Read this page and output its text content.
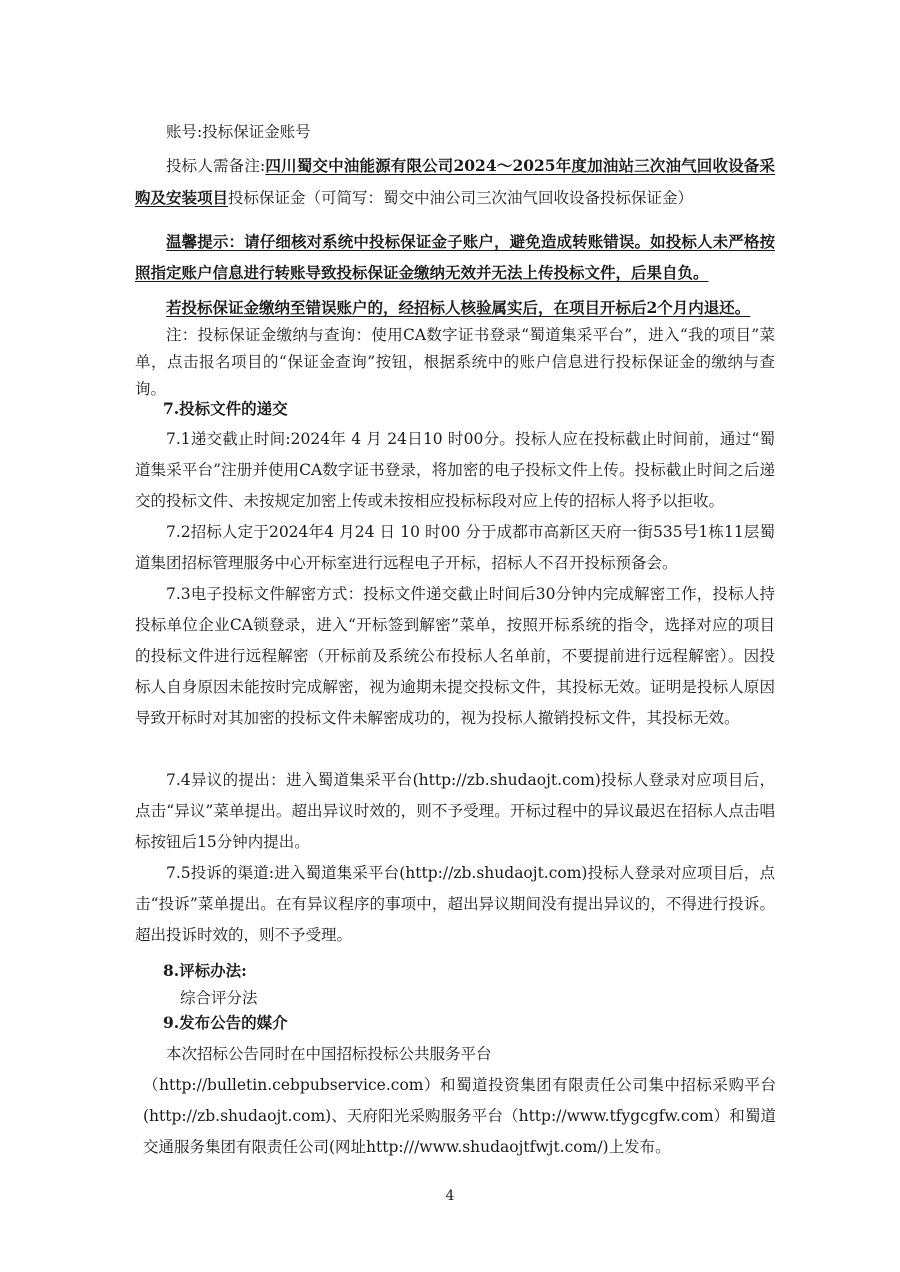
账号:投标保证金账号

投标人需备注:四川蜀交中油能源有限公司2024～2025年度加油站三次油气回收设备采购及安装项目投标保证金（可简写：蜀交中油公司三次油气回收设备投标保证金）

温馨提示：请仔细核对系统中投标保证金子账户，避免造成转账错误。如投标人未严格按照指定账户信息进行转账导致投标保证金缴纳无效并无法上传投标文件，后果自负。

若投标保证金缴纳至错误账户的，经招标人核验属实后，在项目开标后2个月内退还。

注：投标保证金缴纳与查询：使用CA数字证书登录“蜀道集采平台”，进入“我的项目”菜单，点击报名项目的“保证金查询”按钮，根据系统中的账户信息进行投标保证金的缴纳与查询。

7.投标文件的递交

7.1递交截止时间:2024年 4 月 24日10 时00分。投标人应在投标截止时间前，通过“蜀道集采平台”注册并使用CA数字证书登录，将加密的电子投标文件上传。投标截止时间之后递交的投标文件、未按规定加密上传或未按相应投标标段对应上传的招标人将予以拒收。

7.2招标人定于2024年4 月24 日 10 时00 分于成都市高新区天府一街535号1栋11层蜀道集团招标管理服务中心开标室进行远程电子开标，招标人不召开投标预备会。

7.3电子投标文件解密方式：投标文件递交截止时间后30分钟内完成解密工作，投标人持投标单位企业CA锁登录，进入“开标签到解密”菜单，按照开标系统的指令，选择对应的项目的投标文件进行远程解密（开标前及系统公布投标人名单前，不要提前进行远程解密）。因投标人自身原因未能按时完成解密，视为逾期未提交投标文件，其投标无效。证明是投标人原因导致开标时对其加密的投标文件未解密成功的，视为投标人撤销投标文件，其投标无效。

7.4异议的提出：进入蜀道集采平台(http://zb.shudaojt.com)投标人登录对应项目后，点击“异议”菜单提出。超出异议时效的，则不予受理。开标过程中的异议最迟在招标人点击唱标按钮后15分钟内提出。

7.5投诉的渠道:进入蜀道集采平台(http://zb.shudaojt.com)投标人登录对应项目后，点击“投诉”菜单提出。在有异议程序的事项中，超出异议期间没有提出异议的，不得进行投诉。超出投诉时效的，则不予受理。

8.评标办法:

综合评分法

9.发布公告的媒介

本次招标公告同时在中国招标投标公共服务平台

（http://bulletin.cebpubservice.com）和蜀道投资集团有限责任公司集中招标采购平台(http://zb.shudaojt.com)、天府阳光采购服务平台（http://www.tfygcgfw.com）和蜀道交通服务集团有限责任公司(网址http:///www.shudaojtfwjt.com/)上发布。

4
